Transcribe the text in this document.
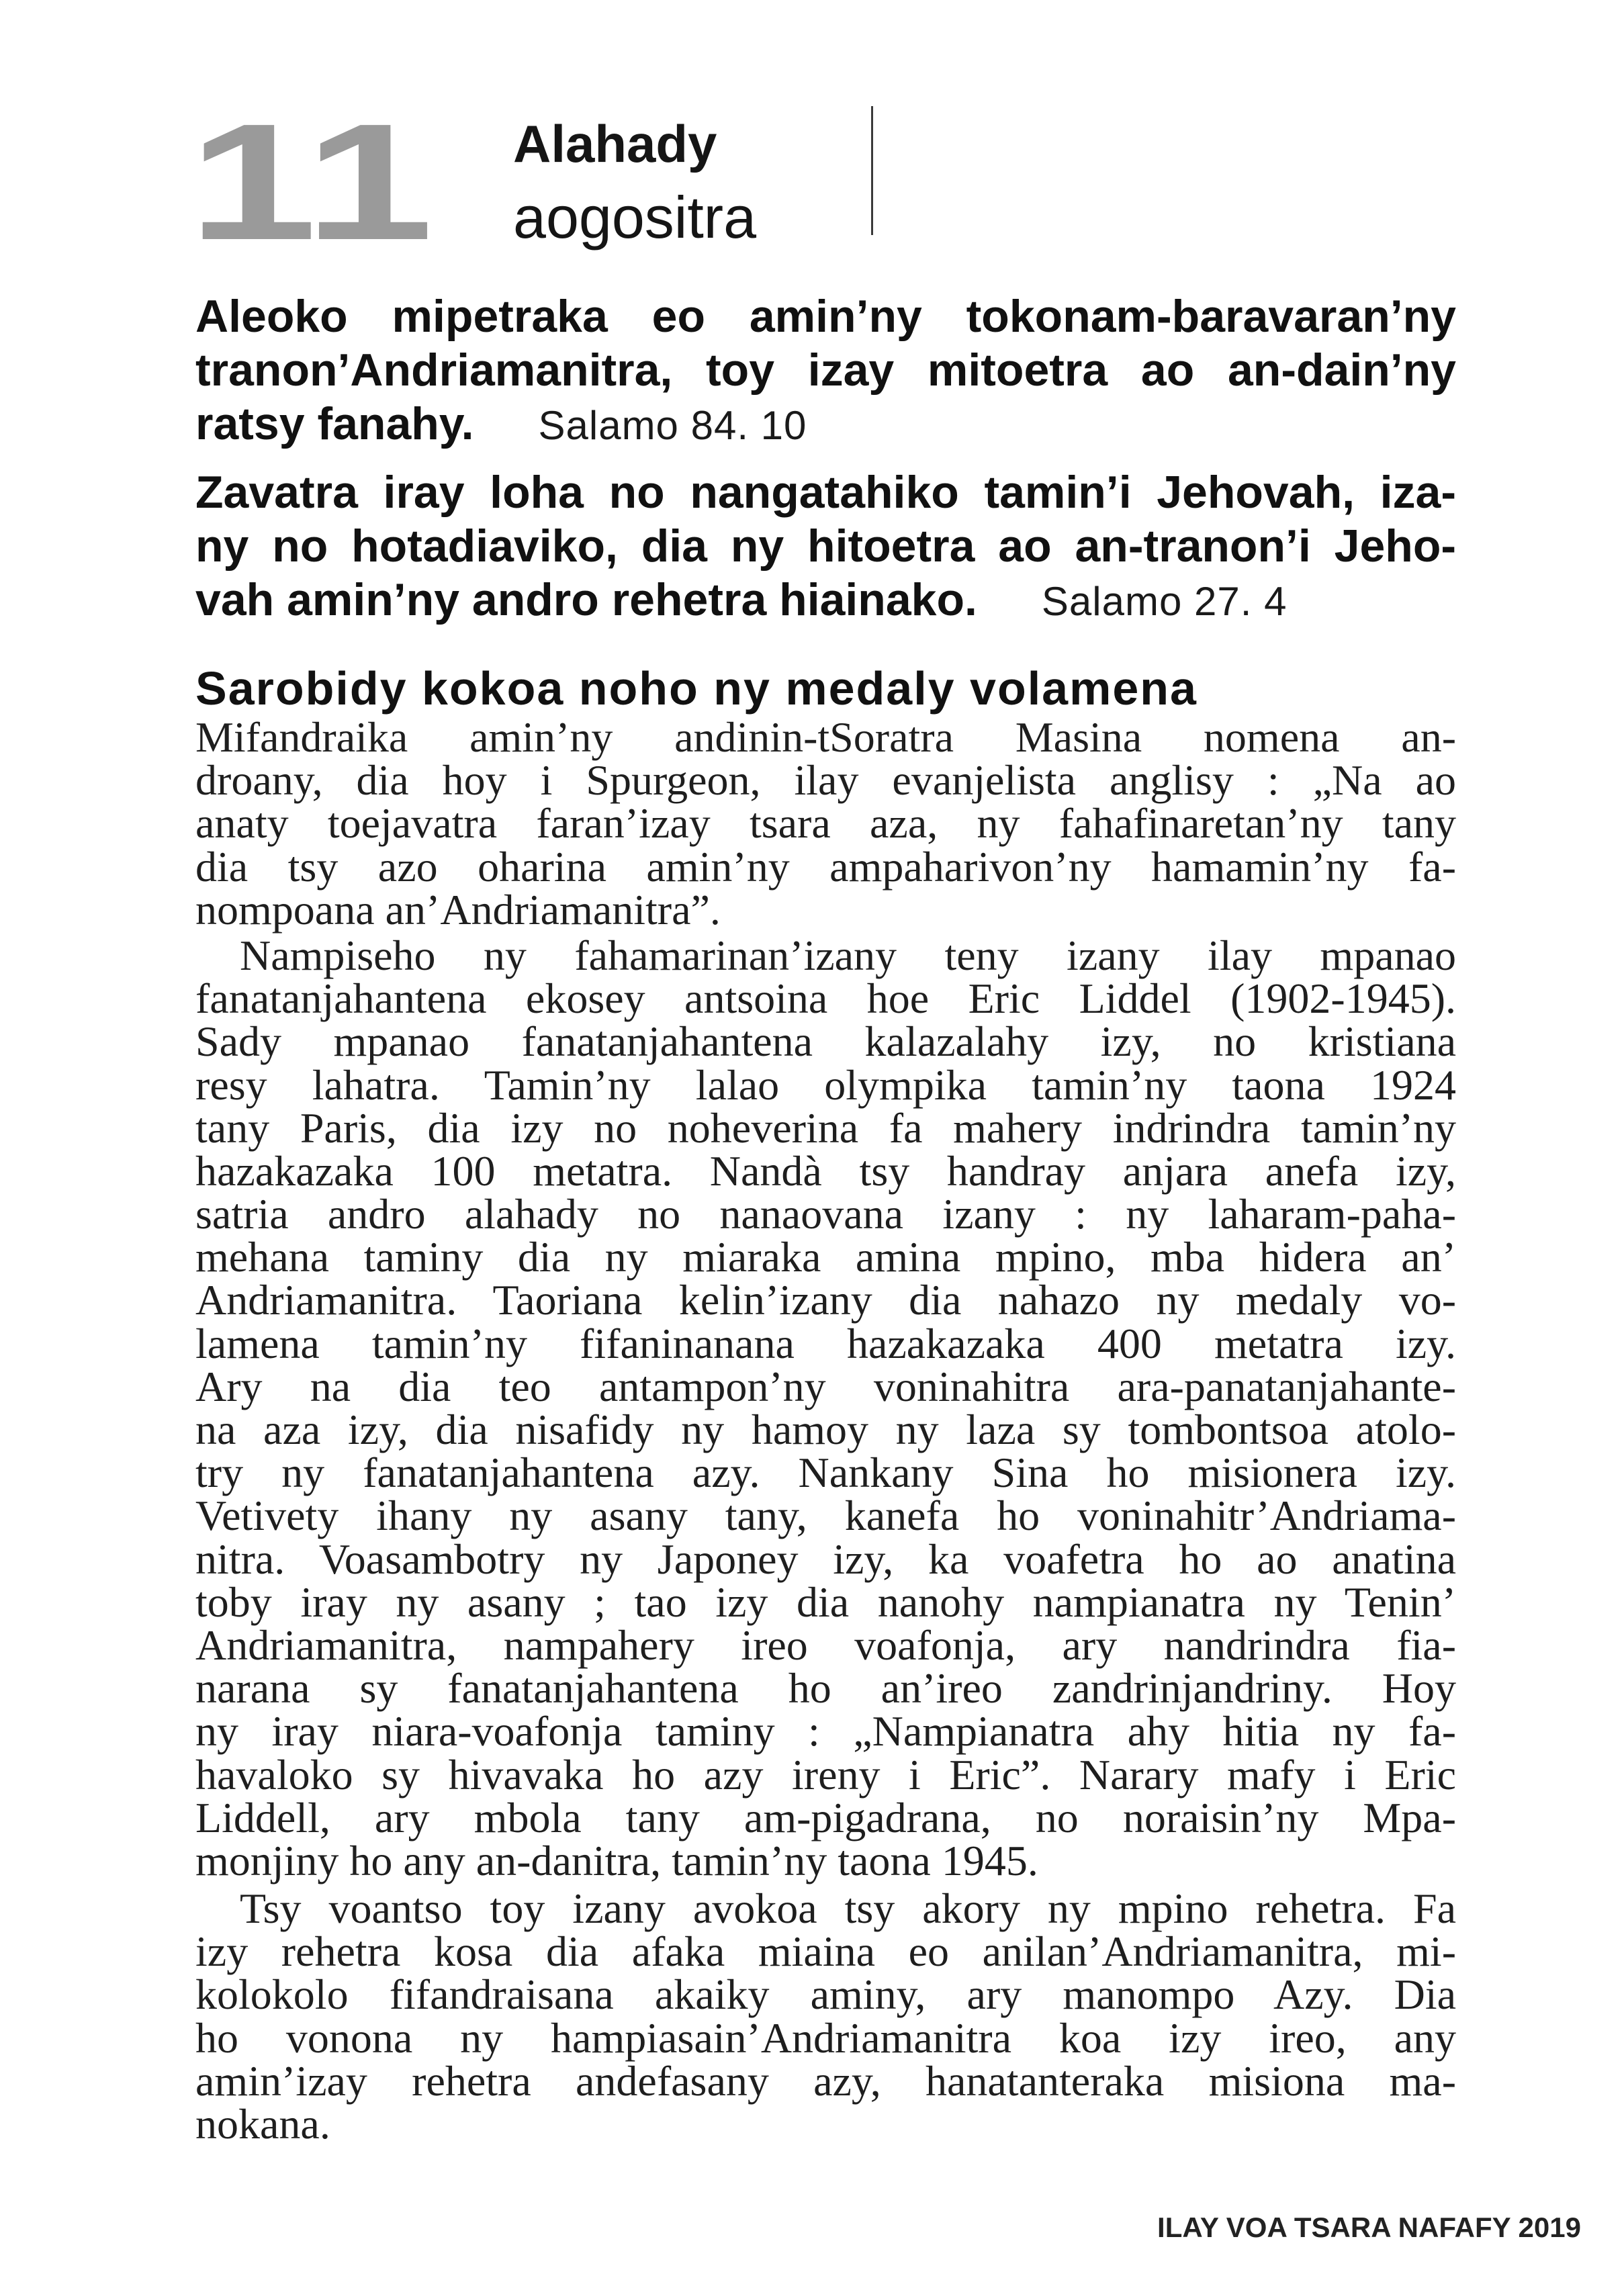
11 Alahady
aogositra
Aleoko mipetraka eo amin’ny tokonam-baravaran’ny
tranon’Andriamanitra, toy izay mitoetra ao an-dain’ny
ratsy fanahy. Salamo 84. 10
Zavatra iray loha no nangatahiko tamin’i Jehovah, iza-
ny no hotadiaviko, dia ny hitoetra ao an-tranon’i Jeho-
vah amin’ny andro rehetra hiainako. Salamo 27. 4
Sarobidy kokoa noho ny medaly volamena
Mifandraika amin’ny andinin-tSoratra Masina nomena an-
droany, dia hoy i Spurgeon, ilay evanjelista anglisy : „Na ao
anaty toejavatra faran’izay tsara aza, ny fahafinaretan’ny tany
dia tsy azo oharina amin’ny ampaharivon’ny hamamin’ny fa-
nompoana an’Andriamanitra”.
Nampiseho ny fahamarinan’izany teny izany ilay mpanao
fanatanjahantena ekosey antsoina hoe Eric Liddel (1902-1945).
Sady mpanao fanatanjahantena kalazalahy izy, no kristiana
resy lahatra. Tamin’ny lalao olympika tamin’ny taona 1924
tany Paris, dia izy no noheverina fa mahery indrindra tamin’ny
hazakazaka 100 metatra. Nandà tsy handray anjara anefa izy,
satria andro alahady no nanaovana izany : ny laharam-paha-
mehana taminy dia ny miaraka amina mpino, mba hidera an’
Andriamanitra. Taoriana kelin’izany dia nahazo ny medaly vo-
lamena tamin’ny fifaninanana hazakazaka 400 metatra izy.
Ary na dia teo antampon’ny voninahitra ara-panatanjahante-
na aza izy, dia nisafidy ny hamoy ny laza sy tombontsoa atolo-
try ny fanatanjahantena azy. Nankany Sina ho misionera izy.
Vetivety ihany ny asany tany, kanefa ho voninahitr’Andriama-
nitra. Voasambotry ny Japoney izy, ka voafetra ho ao anatina
toby iray ny asany ; tao izy dia nanohy nampianatra ny Tenin’
Andriamanitra, nampahery ireo voafonja, ary nandrindra fia-
narana sy fanatanjahantena ho an’ireo zandrinjandriny. Hoy
ny iray niara-voafonja taminy : „Nampianatra ahy hitia ny fa-
havaloko sy hivavaka ho azy ireny i Eric”. Narary mafy i Eric
Liddell, ary mbola tany am-pigadrana, no noraisin’ny Mpa-
monjiny ho any an-danitra, tamin’ny taona 1945.
Tsy voantso toy izany avokoa tsy akory ny mpino rehetra. Fa
izy rehetra kosa dia afaka miaina eo anilan’Andriamanitra, mi-
kolokolo fifandraisana akaiky aminy, ary manompo Azy. Dia
ho vonona ny hampiasain’Andriamanitra koa izy ireo, any
amin’izay rehetra andefasany azy, hanatanteraka misiona ma-
nokana.
ILAY VOA TSARA NAFAFY 2019
